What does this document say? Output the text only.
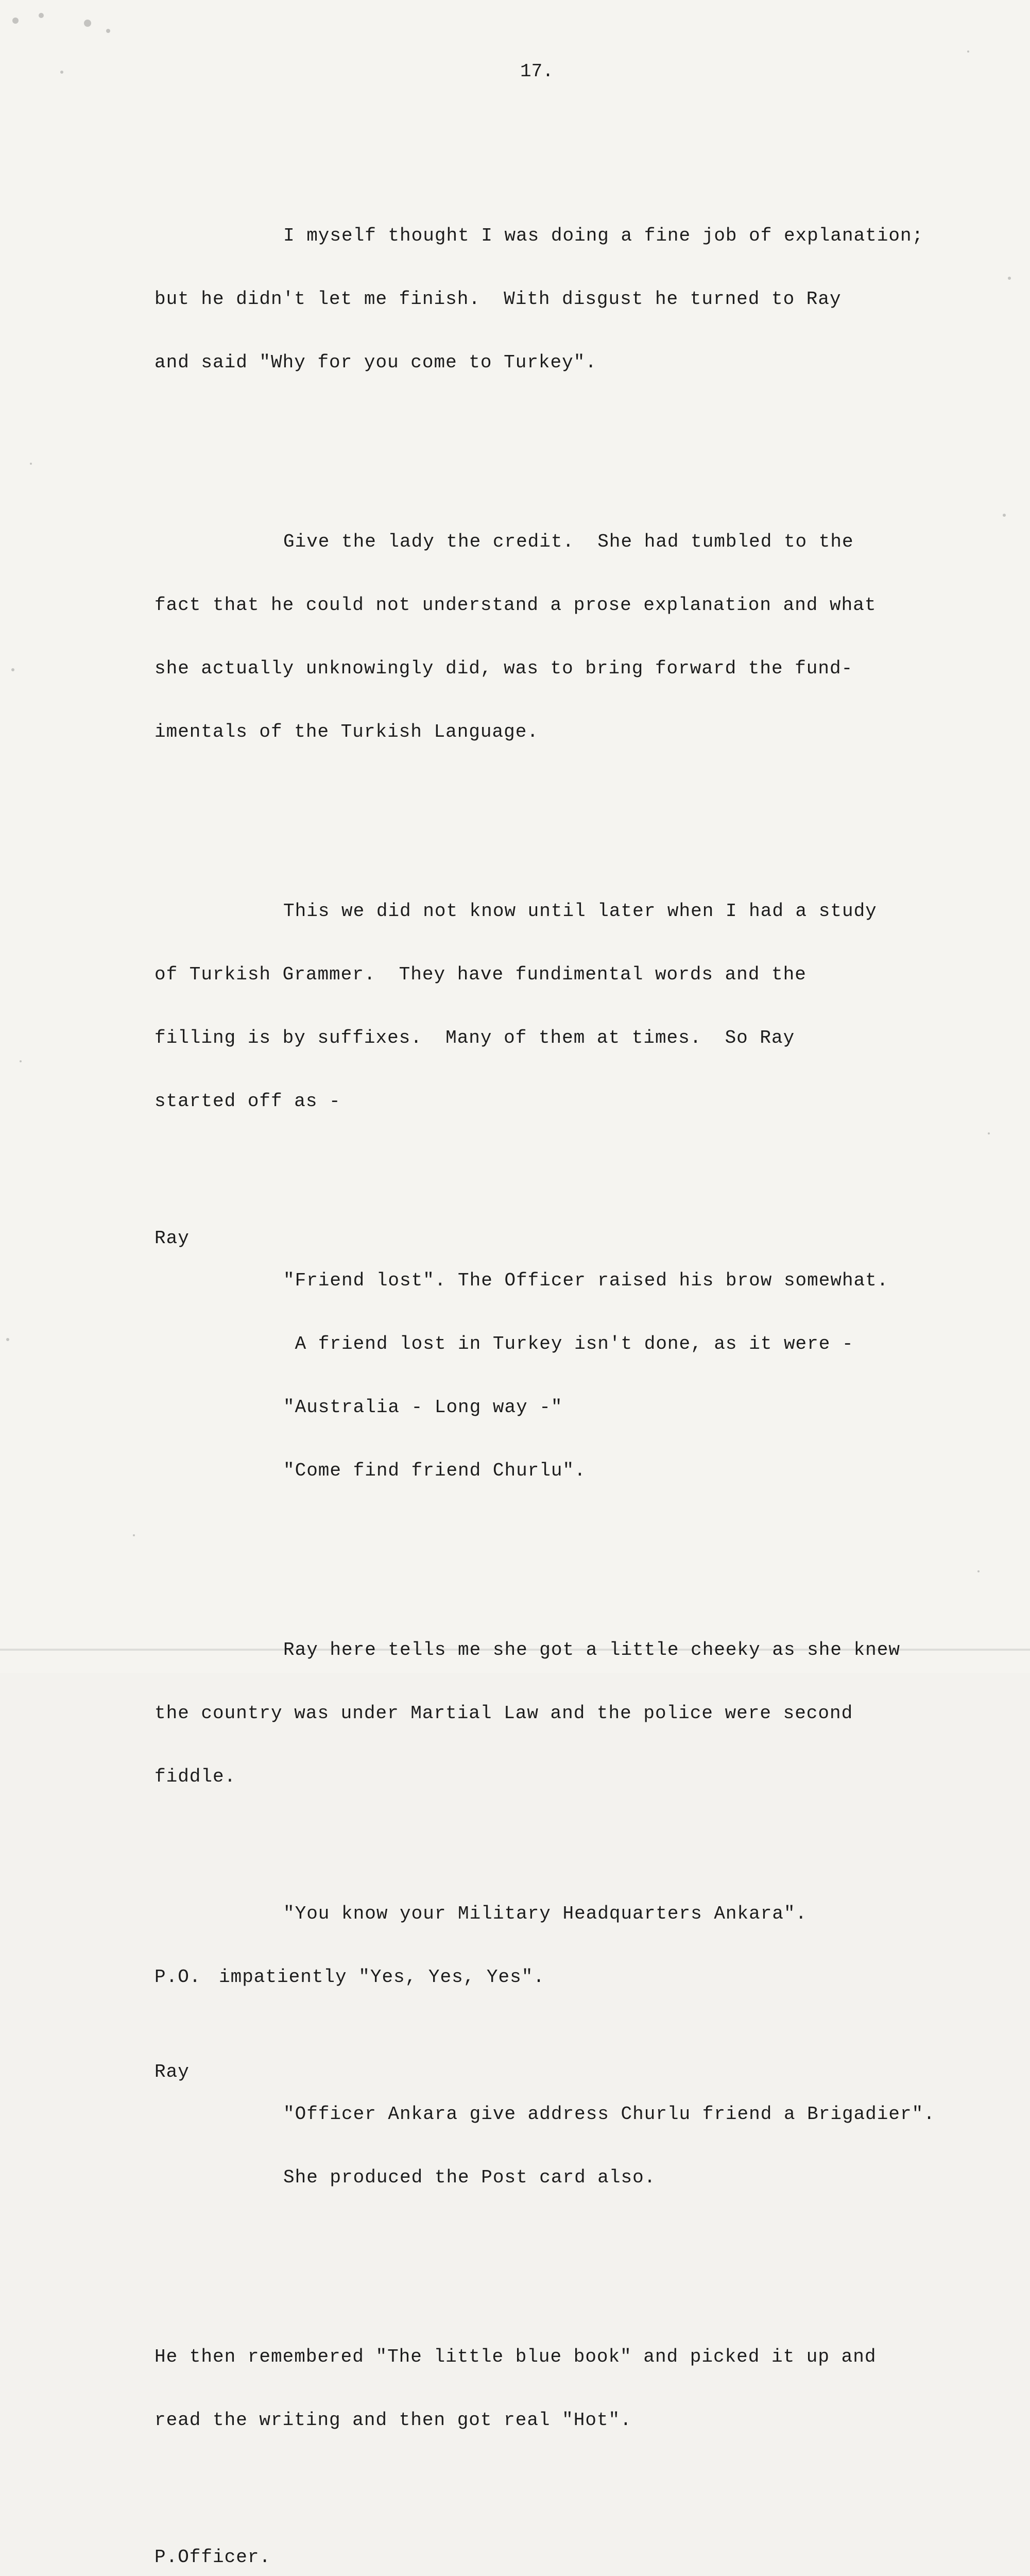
17.

I myself thought I was doing a fine job of explanation;

but he didn't let me finish.  With disgust he turned to Ray

and said "Why for you come to Turkey".

Give the lady the credit.  She had tumbled to the

fact that he could not understand a prose explanation and what

she actually unknowingly did, was to bring forward the fund-

imentals of the Turkish Language.

This we did not know until later when I had a study

of Turkish Grammer.  They have fundimental words and the

filling is by suffixes.  Many of them at times.  So Ray

started off as -

Ray

"Friend lost". The Officer raised his brow somewhat.

A friend lost in Turkey isn't done, as it were -

"Australia - Long way -"

"Come find friend Churlu".

Ray here tells me she got a little cheeky as she knew

the country was under Martial Law and the police were second

fiddle.

"You know your Military Headquarters Ankara".

P.O. impatiently "Yes, Yes, Yes".

Ray

"Officer Ankara give address Churlu friend a Brigadier".

She produced the Post card also.

He then remembered "The little blue book" and picked it up and

read the writing and then got real "Hot".

P.Officer.
